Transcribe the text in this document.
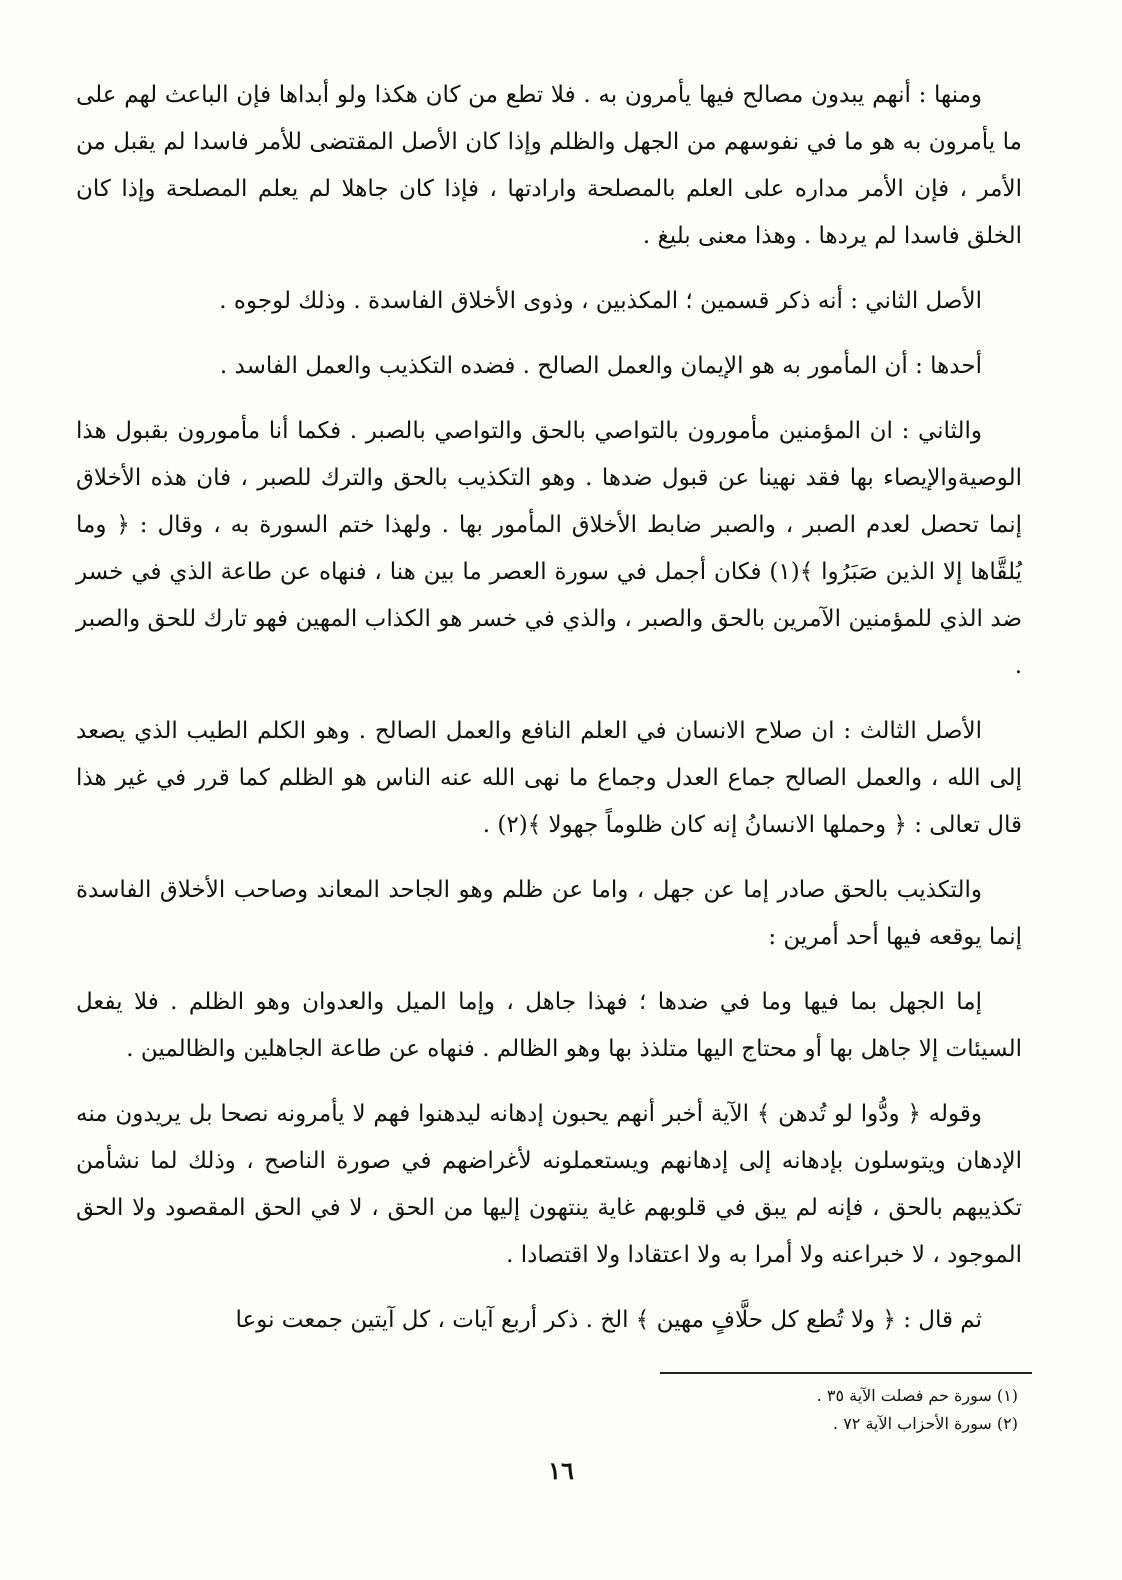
ومنها : أنهم يبدون مصالح فيها يأمرون به . فلا تطع من كان هكذا ولو أبداها فإن الباعث لهم على ما يأمرون به هو ما في نفوسهم من الجهل والظلم وإذا كان الأصل المقتضى للأمر فاسدا لم يقبل من الأمر ، فإن الأمر مداره على العلم بالمصلحة وارادتها ، فإذا كان جاهلا لم يعلم المصلحة وإذا كان الخلق فاسدا لم يردها . وهذا معنى بليغ .

الأصل الثاني : أنه ذكر قسمين ؛ المكذبين ، وذوى الأخلاق الفاسدة . وذلك لوجوه .

أحدها : أن المأمور به هو الإيمان والعمل الصالح . فضده التكذيب والعمل الفاسد .

والثاني : ان المؤمنين مأمورون بالتواصي بالحق والتواصي بالصبر . فكما أنا مأمورون بقبول هذا الوصيةوالإيصاء بها فقد نهينا عن قبول ضدها . وهو التكذيب بالحق والترك للصبر ، فان هذه الأخلاق إنما تحصل لعدم الصبر ، والصبر ضابط الأخلاق المأمور بها . ولهذا ختم السورة به ، وقال : ﴿ وما يُلقَّاها إلا الذين صَبَرُوا ﴾(١) فكان أجمل في سورة العصر ما بين هنا ، فنهاه عن طاعة الذي في خسر ضد الذي للمؤمنين الآمرين بالحق والصبر ، والذي في خسر هو الكذاب المهين فهو تارك للحق والصبر .

الأصل الثالث : ان صلاح الانسان في العلم النافع والعمل الصالح . وهو الكلم الطيب الذي يصعد إلى الله ، والعمل الصالح جماع العدل وجماع ما نهى الله عنه الناس هو الظلم كما قرر في غير هذا قال تعالى : ﴿ وحملها الانسانُ إنه كان ظلوماً جهولا ﴾(٢) .

والتكذيب بالحق صادر إما عن جهل ، واما عن ظلم وهو الجاحد المعاند وصاحب الأخلاق الفاسدة إنما يوقعه فيها أحد أمرين :

إما الجهل بما فيها وما في ضدها ؛ فهذا جاهل ، وإما الميل والعدوان وهو الظلم . فلا يفعل السيئات إلا جاهل بها أو محتاج اليها متلذذ بها وهو الظالم . فنهاه عن طاعة الجاهلين والظالمين .

وقوله ﴿ ودُّوا لو تُدهن ﴾ الآية أخبر أنهم يحبون إدهانه ليدهنوا فهم لا يأمرونه نصحا بل يريدون منه الإدهان ويتوسلون بإدهانه إلى إدهانهم ويستعملونه لأغراضهم في صورة الناصح ، وذلك لما نشأمن تكذيبهم بالحق ، فإنه لم يبق في قلوبهم غاية ينتهون إليها من الحق ، لا في الحق المقصود ولا الحق الموجود ، لا خبراعنه ولا أمرا به ولا اعتقادا ولا اقتصادا .

ثم قال : ﴿ ولا تُطع كل حلَّافٍ مهين ﴾ الخ . ذكر أربع آيات ، كل آيتين جمعت نوعا

(١) سورة حم فصلت الآية ٣٥ .
(٢) سورة الأحزاب الآية ٧٢ .
١٦
